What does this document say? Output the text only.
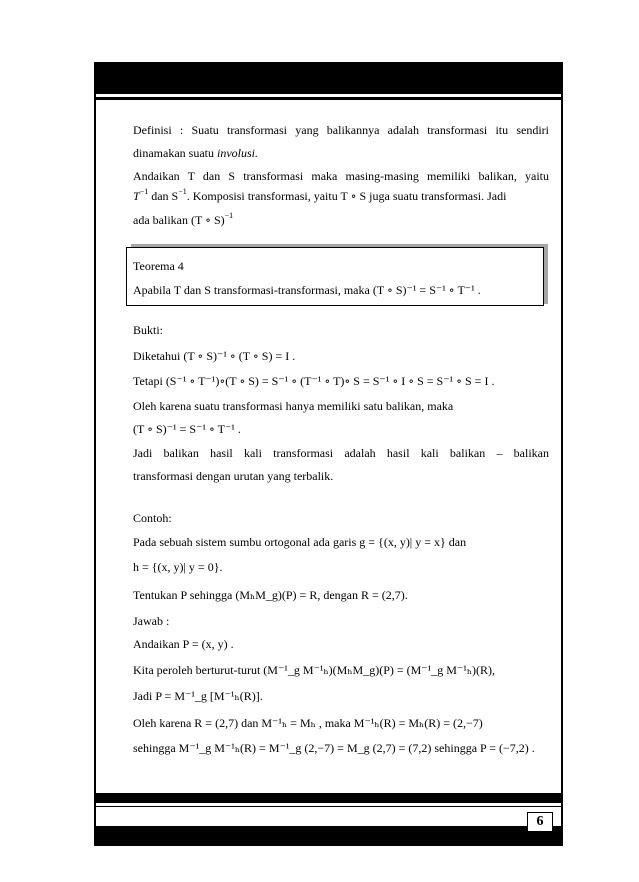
Definisi : Suatu transformasi yang balikannya adalah transformasi itu sendiri
dinamakan suatu involusi.
Andaikan T dan S transformasi maka masing-masing memiliki balikan, yaitu
$T^{-1}$ dan $S^{-1}$. Komposisi transformasi, yaitu T ∘ S juga suatu transformasi. Jadi
ada balikan (T ∘ S)$^{-1}$
Teorema 4
Apabila T dan S transformasi-transformasi, maka (T ∘ S)⁻¹ = S⁻¹ ∘ T⁻¹ .
Bukti:
Diketahui (T ∘ S)⁻¹ ∘ (T ∘ S) = I .
Tetapi (S⁻¹ ∘ T⁻¹)∘(T ∘ S) = S⁻¹ ∘ (T⁻¹ ∘ T)∘ S = S⁻¹ ∘ I ∘ S = S⁻¹ ∘ S = I .
Oleh karena suatu transformasi hanya memiliki satu balikan, maka
(T ∘ S)⁻¹ = S⁻¹ ∘ T⁻¹ .
Jadi balikan hasil kali transformasi adalah hasil kali balikan – balikan
transformasi dengan urutan yang terbalik.
Contoh:
Pada sebuah sistem sumbu ortogonal ada garis g = {(x, y)| y = x} dan
h = {(x, y)| y = 0}.
Tentukan P sehingga (MₕM_g)(P) = R, dengan R = (2,7).
Jawab :
Andaikan P = (x, y) .
Kita peroleh berturut-turut (M⁻¹_g M⁻¹ₕ)(MₕM_g)(P) = (M⁻¹_g M⁻¹ₕ)(R),
Jadi P = M⁻¹_g [M⁻¹ₕ(R)].
Oleh karena R = (2,7) dan M⁻¹ₕ = Mₕ , maka M⁻¹ₕ(R) = Mₕ(R) = (2,−7)
sehingga M⁻¹_g M⁻¹ₕ(R) = M⁻¹_g (2,−7) = M_g (2,7) = (7,2) sehingga P = (−7,2) .
6
